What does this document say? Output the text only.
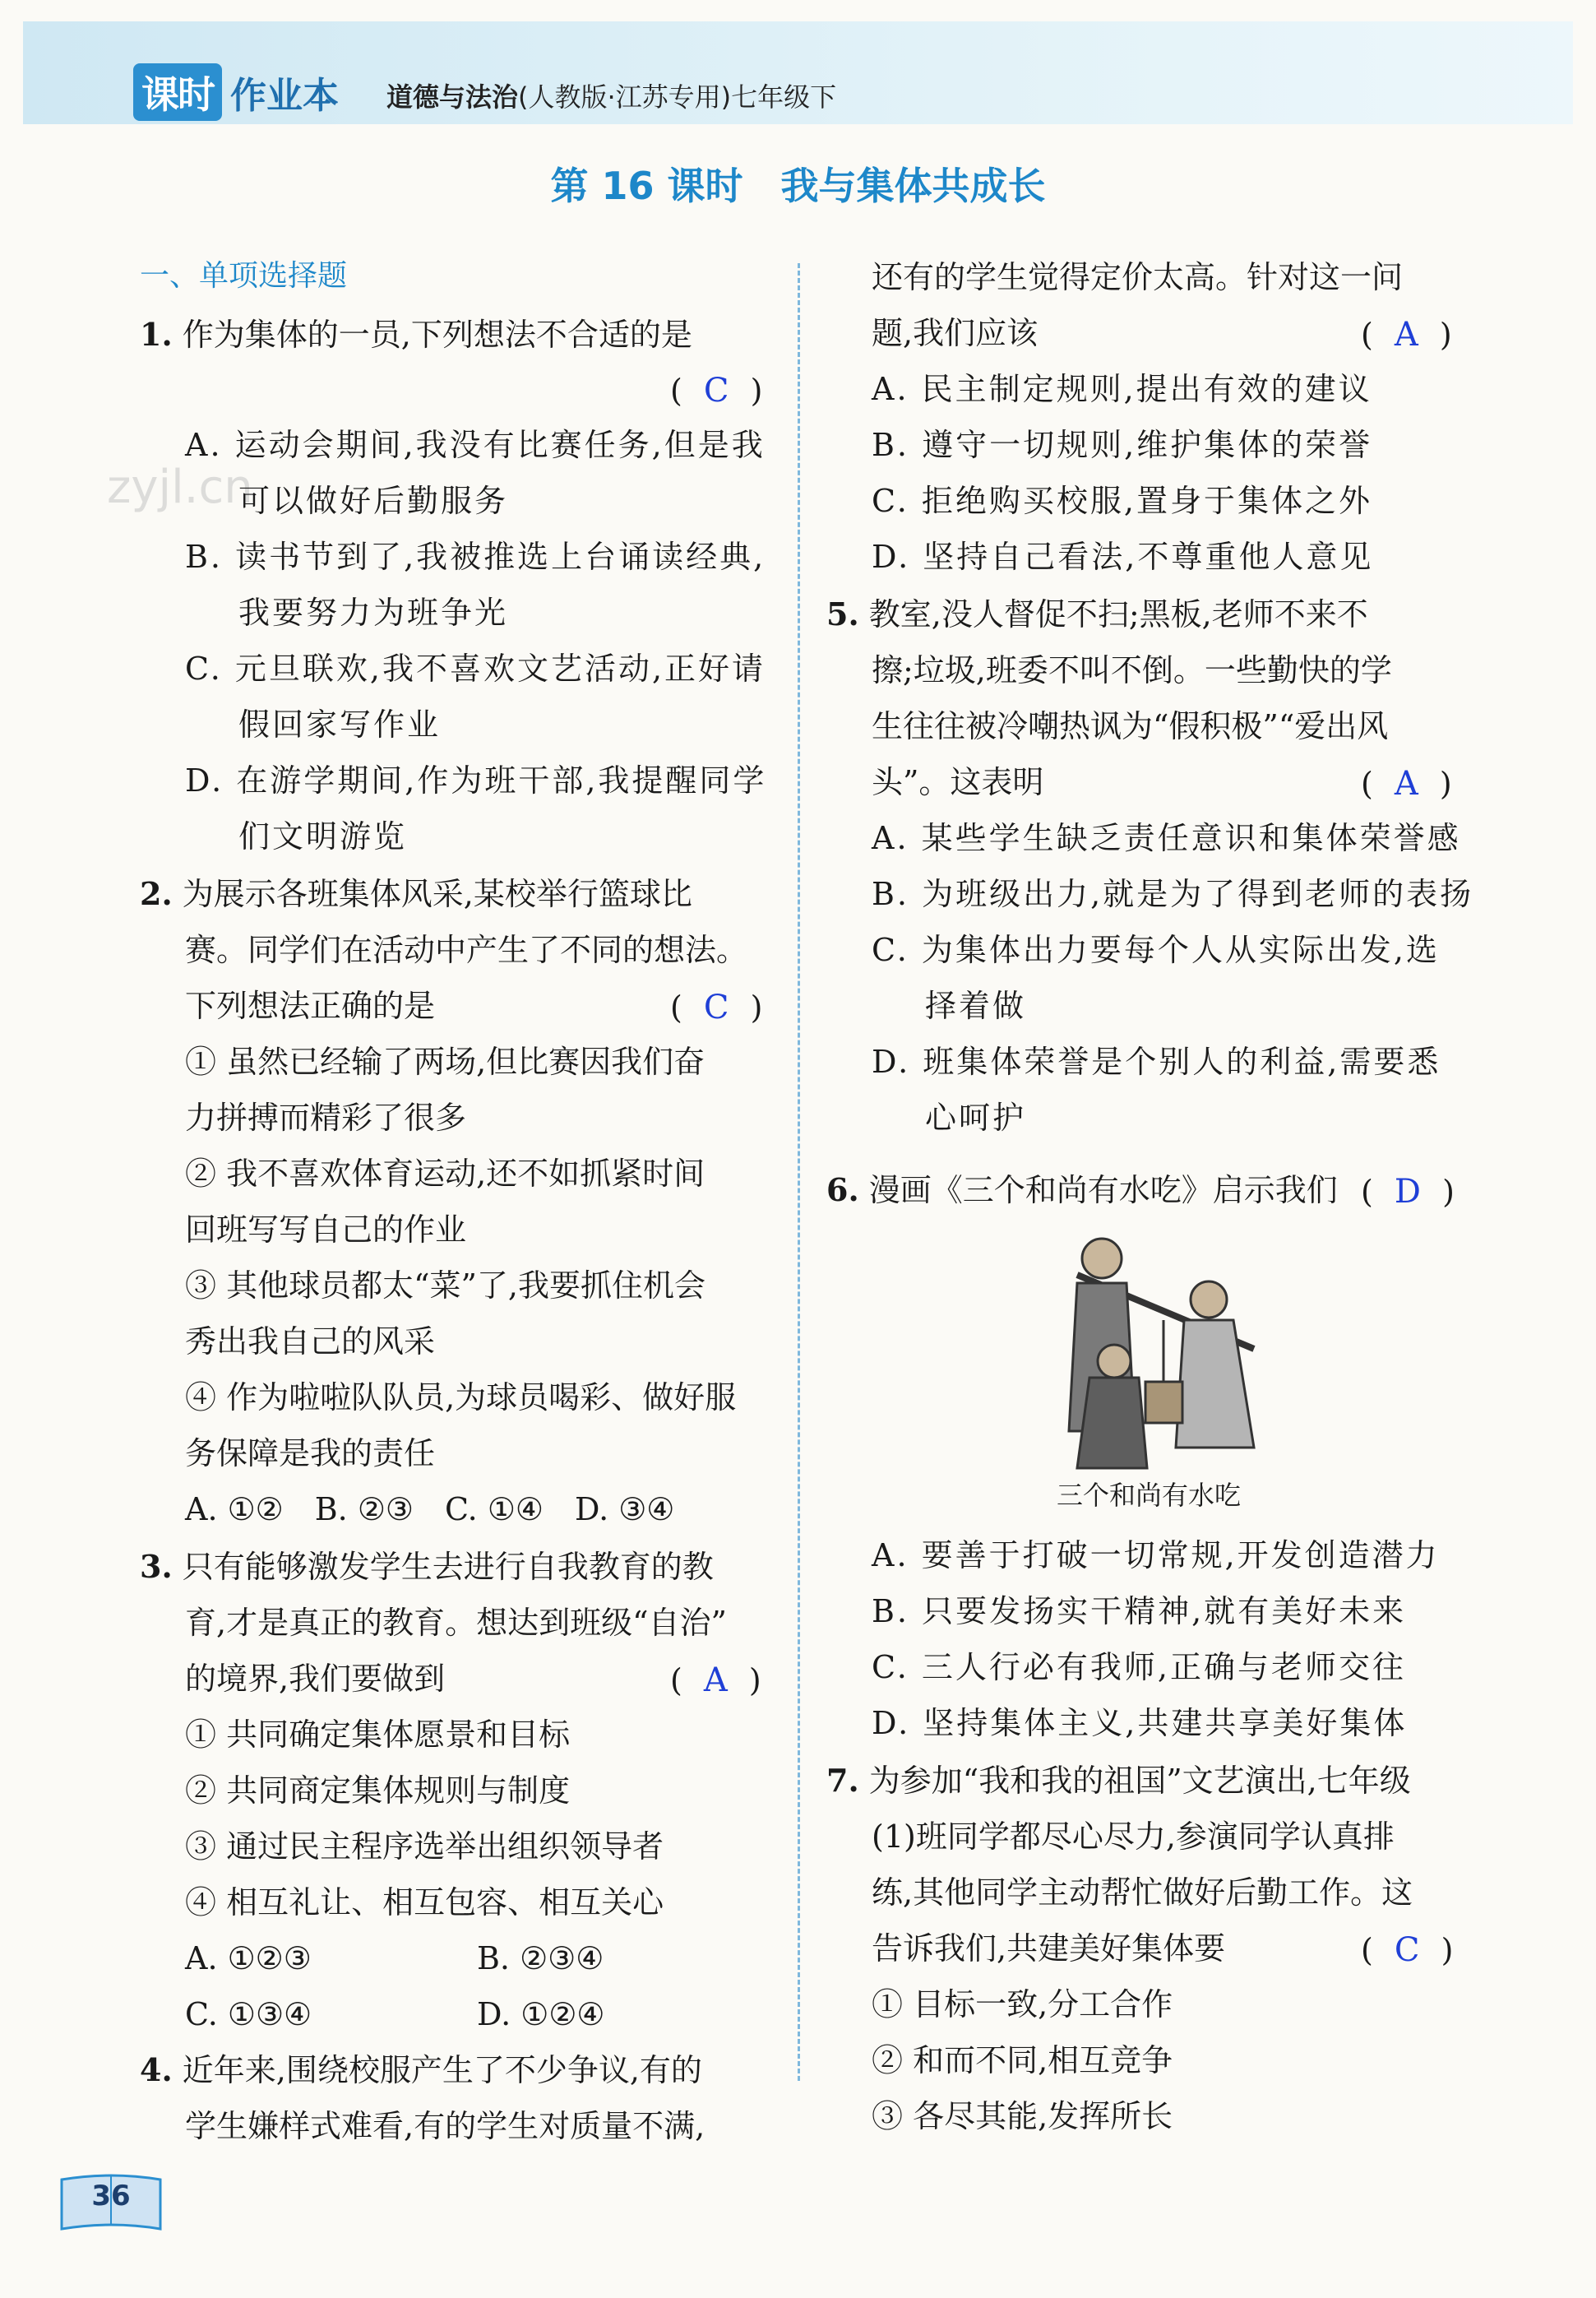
课时 作业本 道德与法治(人教版·江苏专用)七年级下
第 16 课时　我与集体共成长
zyjl.cn
一、单项选择题
1. 作为集体的一员,下列想法不合适的是
( C )
A. 运动会期间,我没有比赛任务,但是我
可以做好后勤服务
B. 读书节到了,我被推选上台诵读经典,
我要努力为班争光
C. 元旦联欢,我不喜欢文艺活动,正好请
假回家写作业
D. 在游学期间,作为班干部,我提醒同学
们文明游览
2. 为展示各班集体风采,某校举行篮球比
赛。同学们在活动中产生了不同的想法。
下列想法正确的是	( C )
① 虽然已经输了两场,但比赛因我们奋
力拼搏而精彩了很多
② 我不喜欢体育运动,还不如抓紧时间
回班写写自己的作业
③ 其他球员都太“菜”了,我要抓住机会
秀出我自己的风采
④ 作为啦啦队队员,为球员喝彩、做好服
务保障是我的责任
A. ①②　B. ②③　C. ①④　D. ③④
3. 只有能够激发学生去进行自我教育的教
育,才是真正的教育。想达到班级“自治”
的境界,我们要做到	( A )
① 共同确定集体愿景和目标
② 共同商定集体规则与制度
③ 通过民主程序选举出组织领导者
④ 相互礼让、相互包容、相互关心
A. ①②③	B. ②③④
C. ①③④	D. ①②④
4. 近年来,围绕校服产生了不少争议,有的
学生嫌样式难看,有的学生对质量不满,
还有的学生觉得定价太高。针对这一问
题,我们应该	( A )
A. 民主制定规则,提出有效的建议
B. 遵守一切规则,维护集体的荣誉
C. 拒绝购买校服,置身于集体之外
D. 坚持自己看法,不尊重他人意见
5. 教室,没人督促不扫;黑板,老师不来不
擦;垃圾,班委不叫不倒。一些勤快的学
生往往被冷嘲热讽为“假积极”“爱出风
头”。这表明	( A )
A. 某些学生缺乏责任意识和集体荣誉感
B. 为班级出力,就是为了得到老师的表扬
C. 为集体出力要每个人从实际出发,选
择着做
D. 班集体荣誉是个别人的利益,需要悉
心呵护
6. 漫画《三个和尚有水吃》启示我们 ( D )
三个和尚有水吃
A. 要善于打破一切常规,开发创造潜力
B. 只要发扬实干精神,就有美好未来
C. 三人行必有我师,正确与老师交往
D. 坚持集体主义,共建共享美好集体
7. 为参加“我和我的祖国”文艺演出,七年级
(1)班同学都尽心尽力,参演同学认真排
练,其他同学主动帮忙做好后勤工作。这
告诉我们,共建美好集体要	( C )
① 目标一致,分工合作
② 和而不同,相互竞争
③ 各尽其能,发挥所长
36
